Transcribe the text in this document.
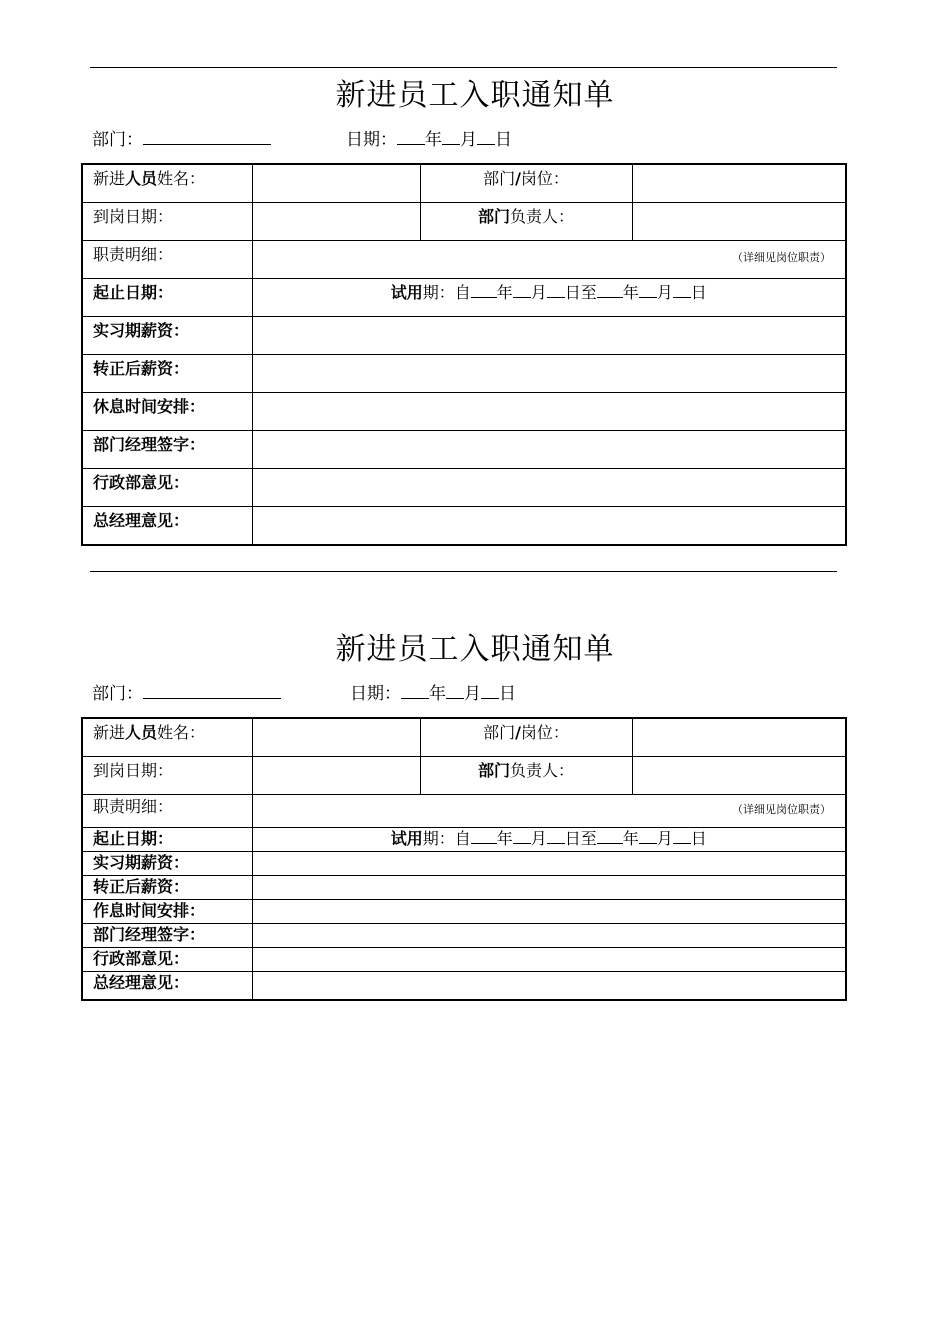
新进员工入职通知单
部门：	日期： 年 月 日
新进人员姓名：		部门/岗位：	
到岗日期：		部门负责人：	
职责明细：	（详细见岗位职责）		

起止日期：	试用期：自 年 月 日至 年 月 日		
实习期薪资：			
转正后薪资：			
休息时间安排：			
部门经理签字：			
行政部意见：			
总经理意见：			
新进员工入职通知单
部门：	日期： 年 月 日
新进人员姓名：		部门/岗位：	
到岗日期：		部门负责人：	
职责明细：	（详细见岗位职责）		

起止日期：	试用期：自 年 月 日至 年 月 日		
实习期薪资：			
转正后薪资：			
作息时间安排：			
部门经理签字：			
行政部意见：			
总经理意见：			
